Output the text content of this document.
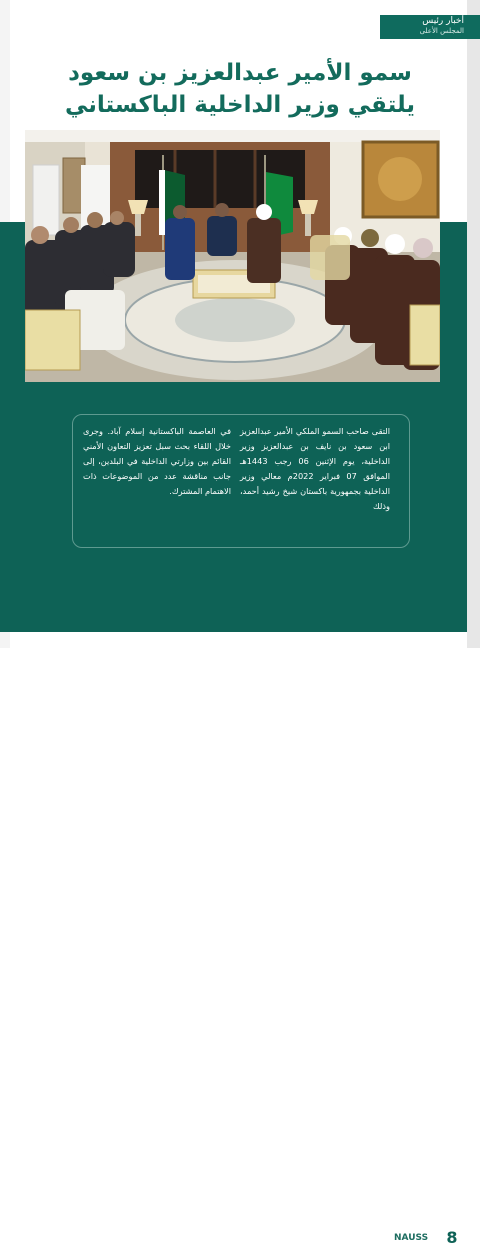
أخبار رئيس
المجلس الأعلى
سمو الأمير عبدالعزيز بن سعود
يلتقي وزير الداخلية الباكستاني
التقى صاحب السمو الملكي الأمير عبدالعزيز ابن سعود بن نايف بن عبدالعزيز وزير الداخلية، يوم الإثنين 06 رجب 1443هـ الموافق 07 فبراير 2022م معالي وزير الداخلية بجمهورية باكستان شيخ رشيد أحمد، وذلك
في العاصمة الباكستانية إسلام آباد. وجرى خلال اللقاء بحث سبل تعزيز التعاون الأمني القائم بين وزارتي الداخلية في البلدين، إلى جانب مناقشة عدد من الموضوعات ذات الاهتمام المشترك.
NAUSS 8
